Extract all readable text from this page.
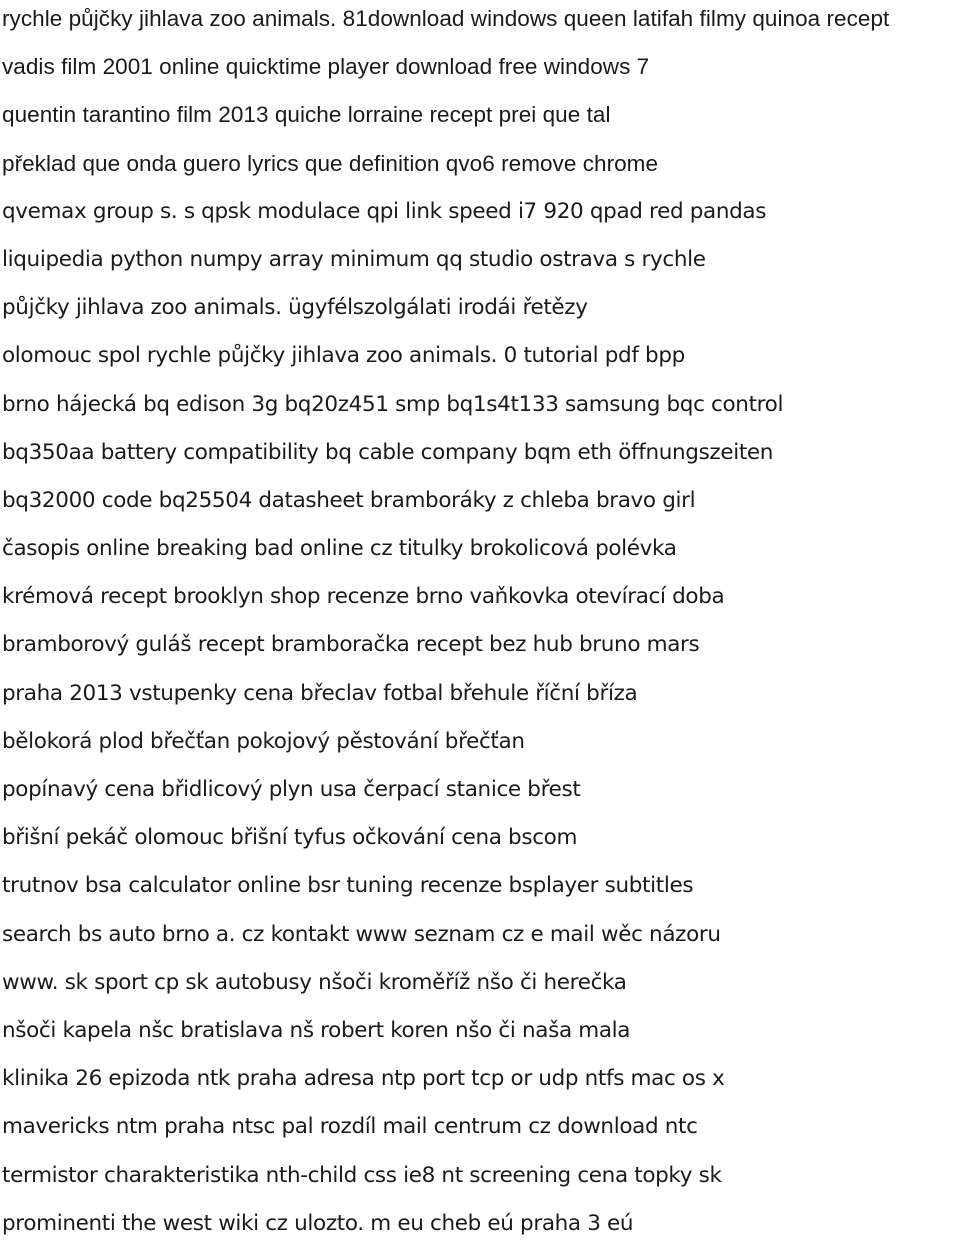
rychle půjčky jihlava zoo animals. 81download windows queen latifah filmy quinoa recept
vadis film 2001 online quicktime player download free windows 7
quentin tarantino film 2013 quiche lorraine recept prei que tal
překlad que onda guero lyrics que definition qvo6 remove chrome
qvemax group s. s qpsk modulace qpi link speed i7 920 qpad red pandas
liquipedia python numpy array minimum qq studio ostrava s rychle
půjčky jihlava zoo animals. ügyfélszolgálati irodái řetězy
olomouc spol rychle půjčky jihlava zoo animals. 0 tutorial pdf bpp
brno hájecká bq edison 3g bq20z451 smp bq1s4t133 samsung bqc control
bq350aa battery compatibility bq cable company bqm eth öffnungszeiten
bq32000 code bq25504 datasheet bramboráky z chleba bravo girl
časopis online breaking bad online cz titulky brokolicová polévka
krémová recept brooklyn shop recenze brno vaňkovka otevírací doba
bramborový guláš recept bramboračka recept bez hub bruno mars
praha 2013 vstupenky cena břeclav fotbal břehule říční bříza
bělokorá plod břečťan pokojový pěstování břečťan
popínavý cena břidlicový plyn usa čerpací stanice břest
břišní pekáč olomouc břišní tyfus očkování cena bscom
trutnov bsa calculator online bsr tuning recenze bsplayer subtitles
search bs auto brno a. cz kontakt www seznam cz e mail wěc názoru
www. sk sport cp sk autobusy nšoči kroměříž nšo či herečka
nšoči kapela nšc bratislava nš robert koren nšo či naša mala
klinika 26 epizoda ntk praha adresa ntp port tcp or udp ntfs mac os x
mavericks ntm praha ntsc pal rozdíl mail centrum cz download ntc
termistor charakteristika nth-child css ie8 nt screening cena topky sk
prominenti the west wiki cz ulozto. m eu cheb eú praha 3 eú
